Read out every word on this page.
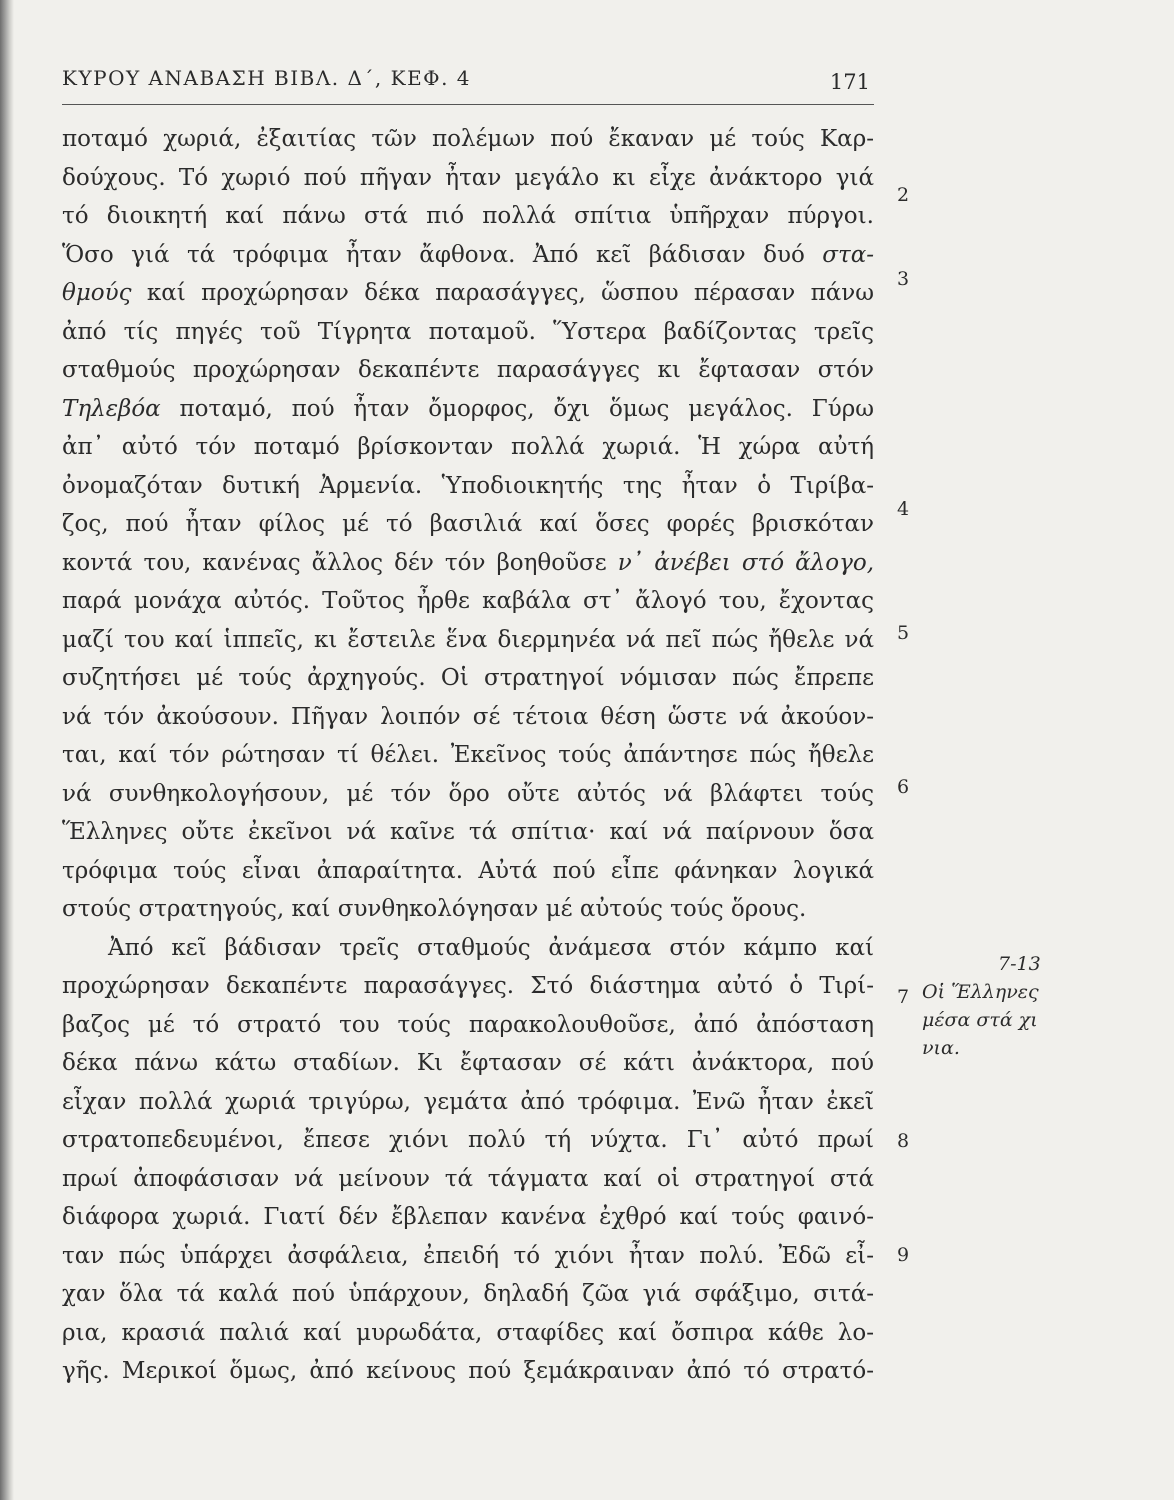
ΚΥΡΟΥ ΑΝΑΒΑΣΗ ΒΙΒΛ. Δ΄, ΚΕΦ. 4	171
ποταμό χωριά, ἐξαιτίας τῶν πολέμων πού ἔκαναν μέ τούς Καρ-
δούχους. Τό χωριό πού πῆγαν ἦταν μεγάλο κι εἶχε ἀνάκτορο γιά
τό διοικητή καί πάνω στά πιό πολλά σπίτια ὑπῆρχαν πύργοι.
Ὅσο γιά τά τρόφιμα ἦταν ἄφθονα. Ἀπό κεῖ βάδισαν δυό στα-
θμούς καί προχώρησαν δέκα παρασάγγες, ὥσπου πέρασαν πάνω
ἀπό τίς πηγές τοῦ Τίγρητα ποταμοῦ. Ὕστερα βαδίζοντας τρεῖς
σταθμούς προχώρησαν δεκαπέντε παρασάγγες κι ἔφτασαν στόν
Τηλεβόα ποταμό, πού ἦταν ὄμορφος, ὄχι ὅμως μεγάλος. Γύρω
ἀπ᾿ αὐτό τόν ποταμό βρίσκονταν πολλά χωριά. Ἡ χώρα αὐτή
ὀνομαζόταν δυτική Ἀρμενία. Ὑποδιοικητής της ἦταν ὁ Τιρίβα-
ζος, πού ἦταν φίλος μέ τό βασιλιά καί ὅσες φορές βρισκόταν
κοντά του, κανένας ἄλλος δέν τόν βοηθοῦσε ν᾿ ἀνέβει στό ἄλογο,
παρά μονάχα αὐτός. Τοῦτος ἦρθε καβάλα στ᾿ ἄλογό του, ἔχοντας
μαζί του καί ἱππεῖς, κι ἔστειλε ἕνα διερμηνέα νά πεῖ πώς ἤθελε νά
συζητήσει μέ τούς ἀρχηγούς. Οἱ στρατηγοί νόμισαν πώς ἔπρεπε
νά τόν ἀκούσουν. Πῆγαν λοιπόν σέ τέτοια θέση ὥστε νά ἀκούον-
ται, καί τόν ρώτησαν τί θέλει. Ἐκεῖνος τούς ἀπάντησε πώς ἤθελε
νά συνθηκολογήσουν, μέ τόν ὅρο οὔτε αὐτός νά βλάφτει τούς
Ἕλληνες οὔτε ἐκεῖνοι νά καῖνε τά σπίτια· καί νά παίρνουν ὅσα
τρόφιμα τούς εἶναι ἀπαραίτητα. Αὐτά πού εἶπε φάνηκαν λογικά
στούς στρατηγούς, καί συνθηκολόγησαν μέ αὐτούς τούς ὅρους.
Ἀπό κεῖ βάδισαν τρεῖς σταθμούς ἀνάμεσα στόν κάμπο καί
προχώρησαν δεκαπέντε παρασάγγες. Στό διάστημα αὐτό ὁ Τιρί-
βαζος μέ τό στρατό του τούς παρακολουθοῦσε, ἀπό ἀπόσταση
δέκα πάνω κάτω σταδίων. Κι ἔφτασαν σέ κάτι ἀνάκτορα, πού
εἶχαν πολλά χωριά τριγύρω, γεμάτα ἀπό τρόφιμα. Ἐνῶ ἦταν ἐκεῖ
στρατοπεδευμένοι, ἔπεσε χιόνι πολύ τή νύχτα. Γι᾿ αὐτό πρωί
πρωί ἀποφάσισαν νά μείνουν τά τάγματα καί οἱ στρατηγοί στά
διάφορα χωριά. Γιατί δέν ἔβλεπαν κανένα ἐχθρό καί τούς φαινό-
ταν πώς ὑπάρχει ἀσφάλεια, ἐπειδή τό χιόνι ἦταν πολύ. Ἐδῶ εἶ-
χαν ὅλα τά καλά πού ὑπάρχουν, δηλαδή ζῶα γιά σφάξιμο, σιτά-
ρια, κρασιά παλιά καί μυρωδάτα, σταφίδες καί ὄσπιρα κάθε λο-
γῆς. Μερικοί ὅμως, ἀπό κείνους πού ξεμάκραιναν ἀπό τό στρατό-
2
3
4
5
6
7
8
9
7-13
Οἱ Ἕλληνες
μέσα στά χι
νια.
